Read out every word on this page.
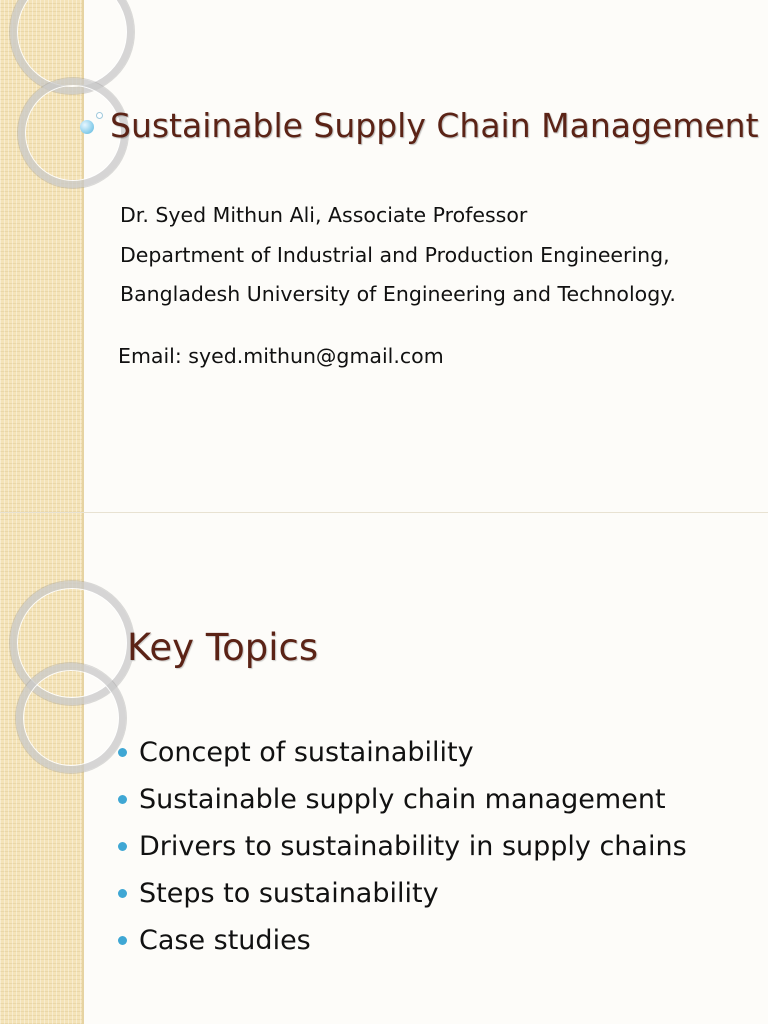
Sustainable Supply Chain Management
Dr. Syed Mithun Ali, Associate Professor
Department of Industrial and Production Engineering,
Bangladesh University of Engineering and Technology.
Email: syed.mithun@gmail.com
Key Topics
Concept of sustainability
Sustainable supply chain management
Drivers to sustainability in supply chains
Steps to sustainability
Case studies
